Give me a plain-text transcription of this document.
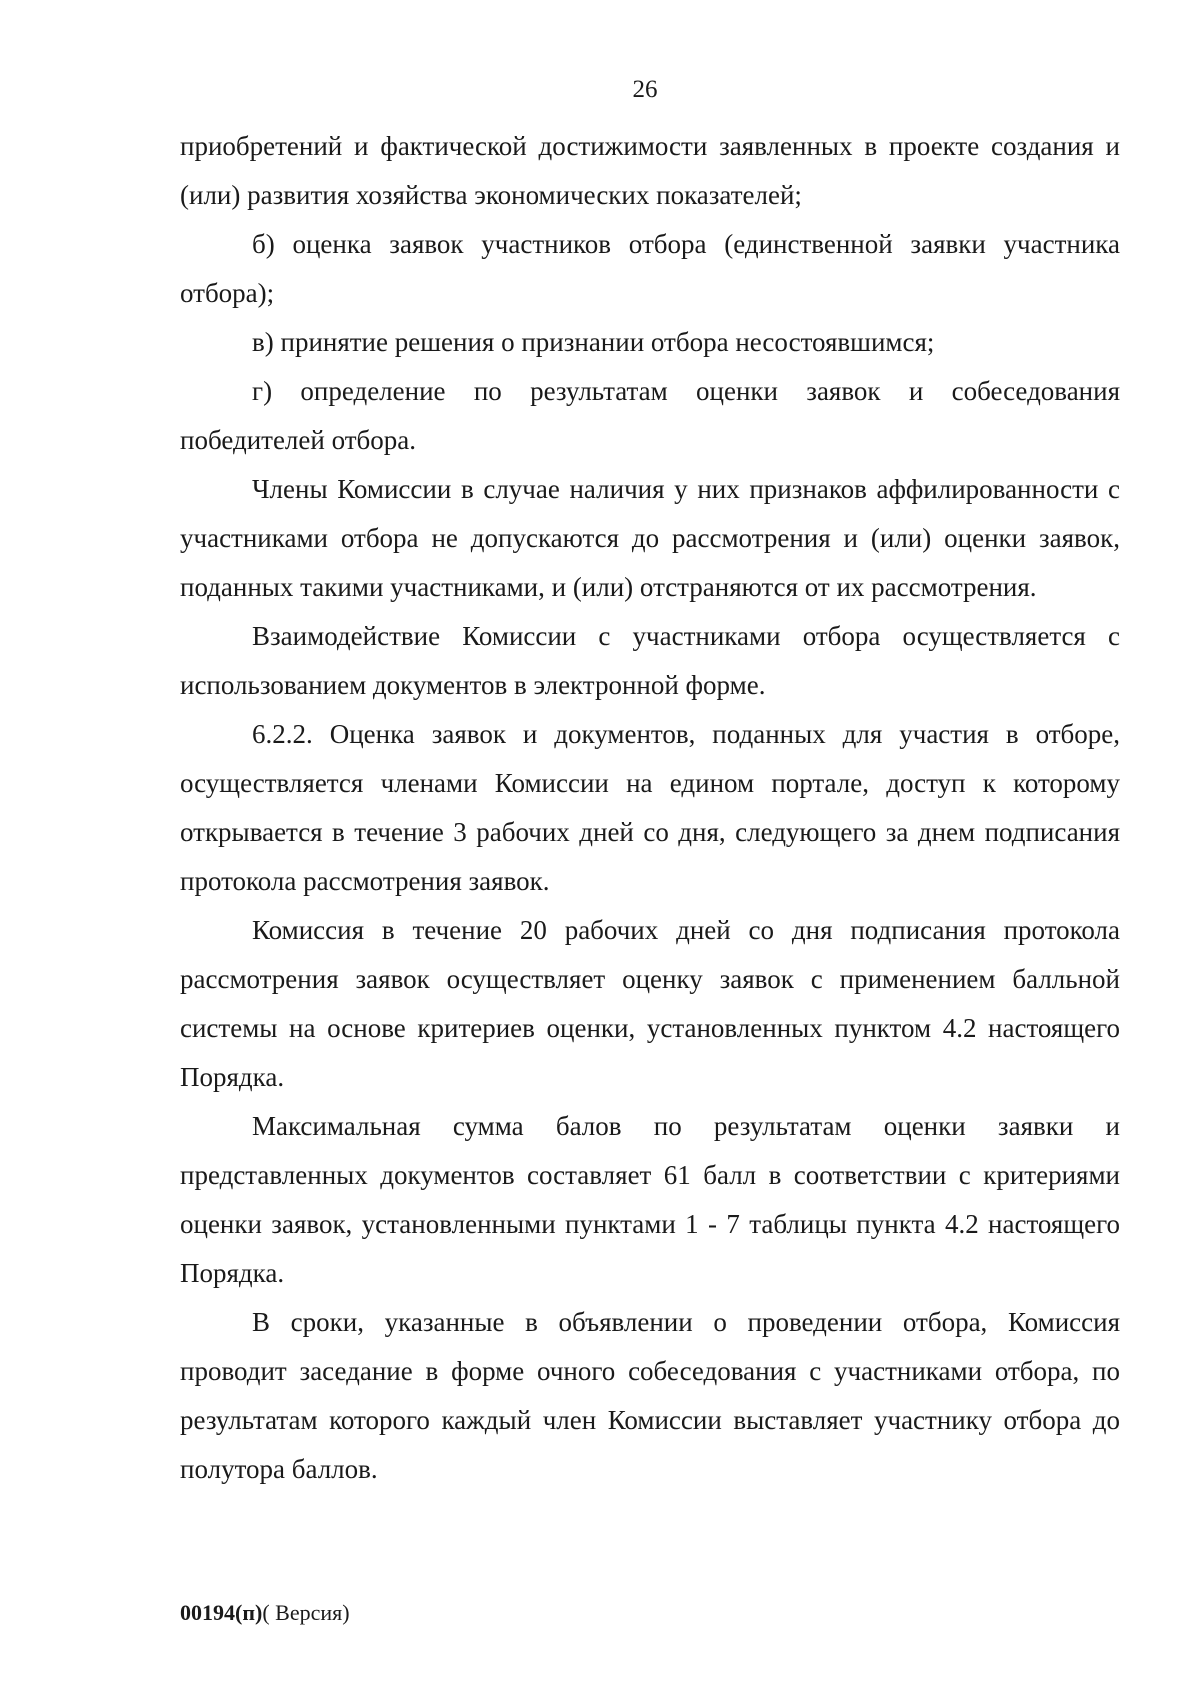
26

приобретений и фактической достижимости заявленных в проекте создания и (или) развития хозяйства экономических показателей;

б) оценка заявок участников отбора (единственной заявки участника отбора);

в) принятие решения о признании отбора несостоявшимся;

г) определение по результатам оценки заявок и собеседования победителей отбора.

Члены Комиссии в случае наличия у них признаков аффилированности с участниками отбора не допускаются до рассмотрения и (или) оценки заявок, поданных такими участниками, и (или) отстраняются от их рассмотрения.

Взаимодействие Комиссии с участниками отбора осуществляется с использованием документов в электронной форме.

6.2.2. Оценка заявок и документов, поданных для участия в отборе, осуществляется членами Комиссии на едином портале, доступ к которому открывается в течение 3 рабочих дней со дня, следующего за днем подписания протокола рассмотрения заявок.

Комиссия в течение 20 рабочих дней со дня подписания протокола рассмотрения заявок осуществляет оценку заявок с применением балльной системы на основе критериев оценки, установленных пунктом 4.2 настоящего Порядка.

Максимальная сумма балов по результатам оценки заявки и представленных документов составляет 61 балл в соответствии с критериями оценки заявок, установленными пунктами 1 - 7 таблицы пункта 4.2 настоящего Порядка.

В сроки, указанные в объявлении о проведении отбора, Комиссия проводит заседание в форме очного собеседования с участниками отбора, по результатам которого каждый член Комиссии выставляет участнику отбора до полутора баллов.

00194(п)( Версия)
